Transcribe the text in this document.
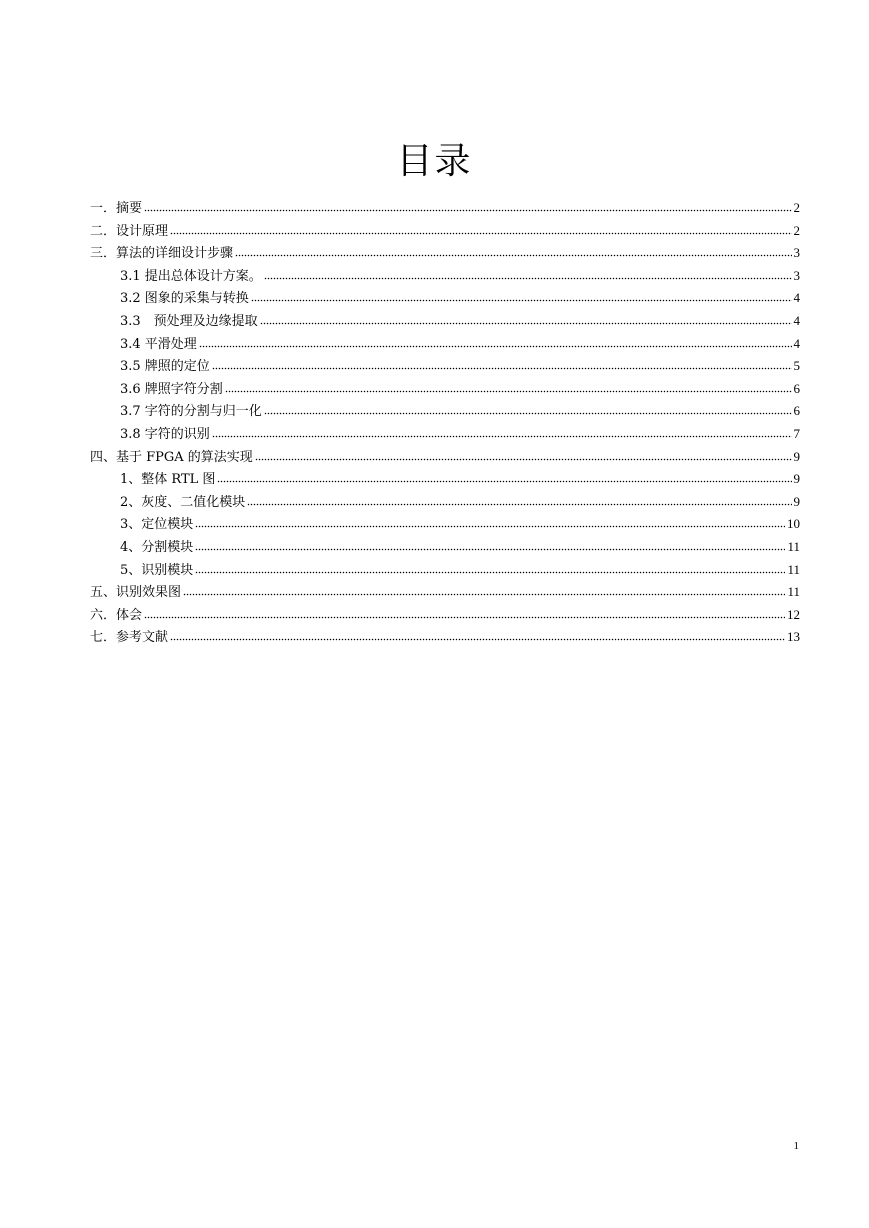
目录
一．摘要	2
二．设计原理	2
三．算法的详细设计步骤	3
3.1 提出总体设计方案。	3
3.2 图象的采集与转换	4
3.3　预处理及边缘提取	4
3.4 平滑处理	4
3.5 牌照的定位	5
3.6 牌照字符分割	6
3.7 字符的分割与归一化	6
3.8 字符的识别	7
四、基于 FPGA 的算法实现	9
1、整体 RTL 图	9
2、灰度、二值化模块	9
3、定位模块	10
4、分割模块	11
5、识别模块	11
五、识别效果图	11
六．体会	12
七．参考文献	13
1
